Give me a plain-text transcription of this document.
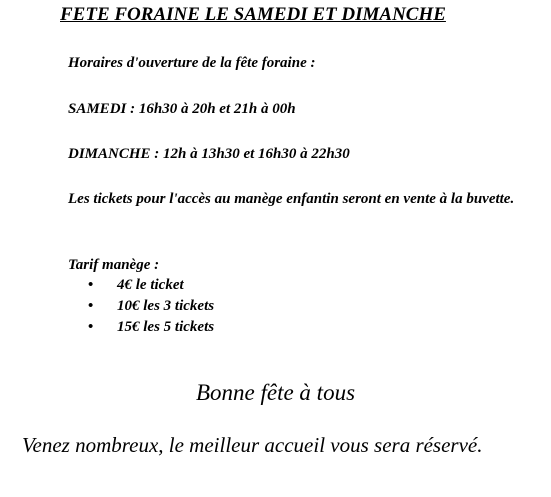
FETE FORAINE LE SAMEDI ET DIMANCHE
Horaires d'ouverture de la fête foraine :
SAMEDI : 16h30 à 20h et 21h à 00h
DIMANCHE : 12h à 13h30 et 16h30 à 22h30
Les tickets pour l'accès au manège enfantin seront en vente à la buvette.
Tarif manège :
• 4€ le ticket
• 10€ les 3 tickets
• 15€ les 5 tickets
Bonne fête à tous
Venez nombreux, le meilleur accueil vous sera réservé.
